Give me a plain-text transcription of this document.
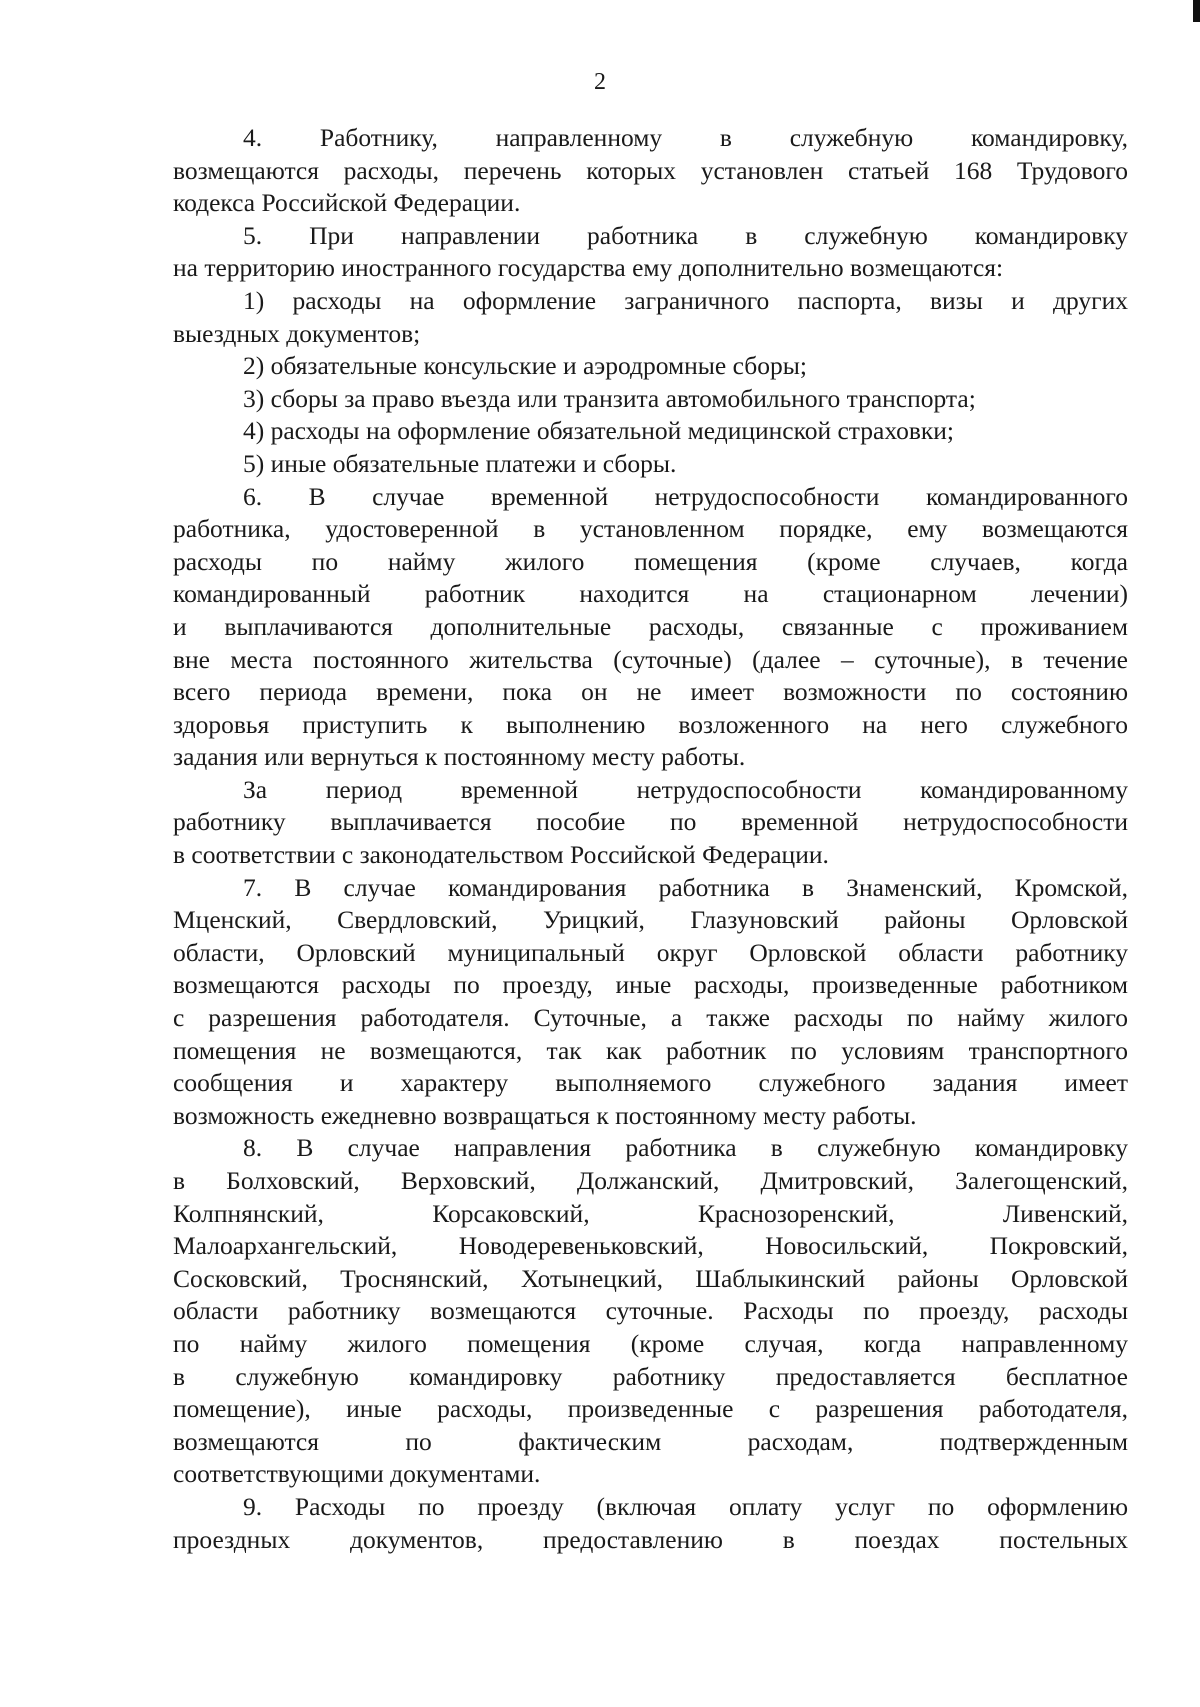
2
4. Работнику, направленному в служебную командировку,
возмещаются расходы, перечень которых установлен статьей 168 Трудового
кодекса Российской Федерации.
5. При направлении работника в служебную командировку
на территорию иностранного государства ему дополнительно возмещаются:
1) расходы на оформление заграничного паспорта, визы и других
выездных документов;
2) обязательные консульские и аэродромные сборы;
3) сборы за право въезда или транзита автомобильного транспорта;
4) расходы на оформление обязательной медицинской страховки;
5) иные обязательные платежи и сборы.
6. В случае временной нетрудоспособности командированного
работника, удостоверенной в установленном порядке, ему возмещаются
расходы по найму жилого помещения (кроме случаев, когда
командированный работник находится на стационарном лечении)
и выплачиваются дополнительные расходы, связанные с проживанием
вне места постоянного жительства (суточные) (далее – суточные), в течение
всего периода времени, пока он не имеет возможности по состоянию
здоровья приступить к выполнению возложенного на него служебного
задания или вернуться к постоянному месту работы.
За период временной нетрудоспособности командированному
работнику выплачивается пособие по временной нетрудоспособности
в соответствии с законодательством Российской Федерации.
7. В случае командирования работника в Знаменский, Кромской,
Мценский, Свердловский, Урицкий, Глазуновский районы Орловской
области, Орловский муниципальный округ Орловской области работнику
возмещаются расходы по проезду, иные расходы, произведенные работником
с разрешения работодателя. Суточные, а также расходы по найму жилого
помещения не возмещаются, так как работник по условиям транспортного
сообщения и характеру выполняемого служебного задания имеет
возможность ежедневно возвращаться к постоянному месту работы.
8. В случае направления работника в служебную командировку
в Болховский, Верховский, Должанский, Дмитровский, Залегощенский,
Колпнянский, Корсаковский, Краснозоренский, Ливенский,
Малоархангельский, Новодеревеньковский, Новосильский, Покровский,
Сосковский, Троснянский, Хотынецкий, Шаблыкинский районы Орловской
области работнику возмещаются суточные. Расходы по проезду, расходы
по найму жилого помещения (кроме случая, когда направленному
в служебную командировку работнику предоставляется бесплатное
помещение), иные расходы, произведенные с разрешения работодателя,
возмещаются по фактическим расходам, подтвержденным
соответствующими документами.
9. Расходы по проезду (включая оплату услуг по оформлению
проездных документов, предоставлению в поездах постельных
